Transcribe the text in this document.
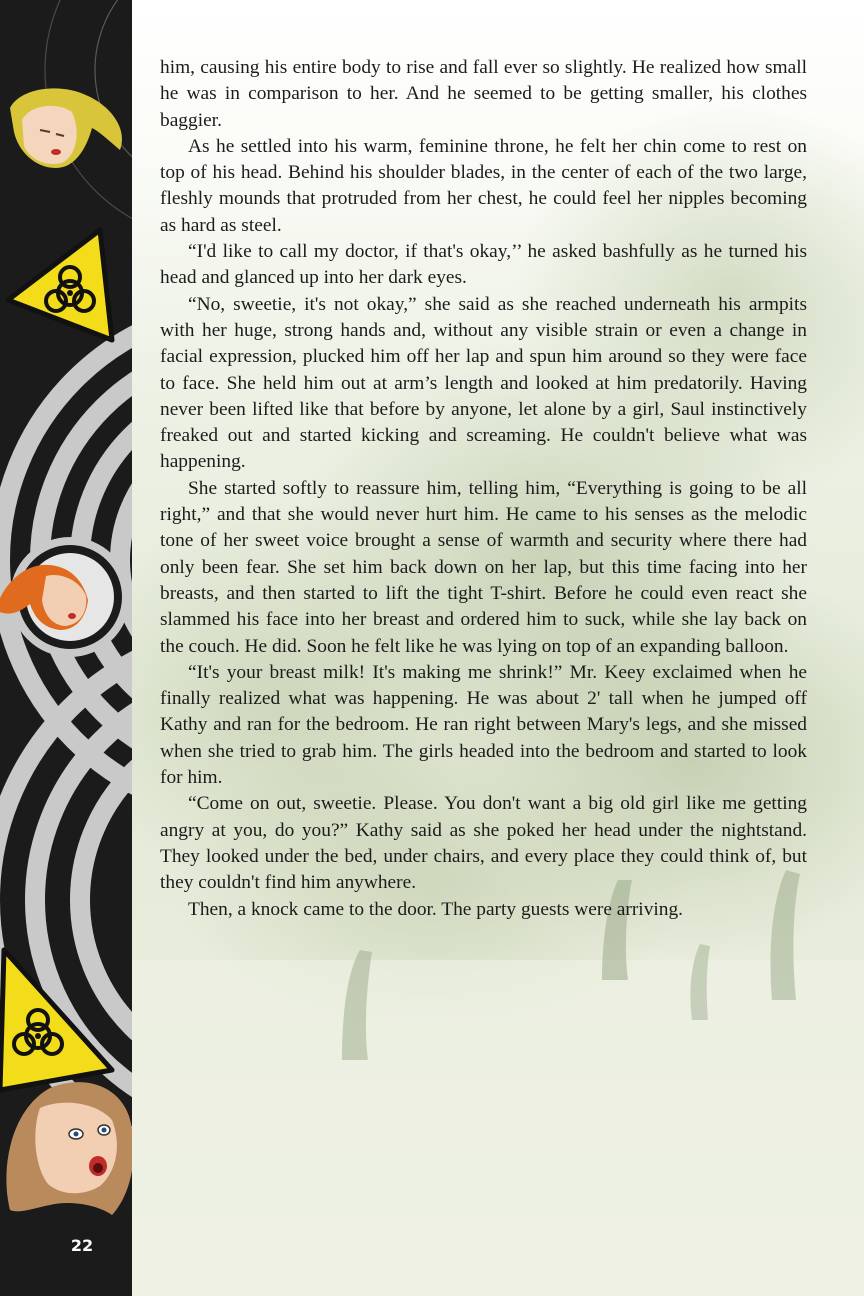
22

him, causing his entire body to rise and fall ever so slightly. He realized how small he was in comparison to her. And he seemed to be getting smaller, his clothes baggier.

As he settled into his warm, feminine throne, he felt her chin come to rest on top of his head. Behind his shoulder blades, in the center of each of the two large, fleshly mounds that protruded from her chest, he could feel her nipples becoming as hard as steel.

“I'd like to call my doctor, if that's okay,’’ he asked bashfully as he turned his head and glanced up into her dark eyes.

“No, sweetie, it's not okay,” she said as she reached underneath his armpits with her huge, strong hands and, without any visible strain or even a change in facial expression, plucked him off her lap and spun him around so they were face to face. She held him out at arm’s length and looked at him predatorily. Having never been lifted like that before by anyone, let alone by a girl, Saul instinctively freaked out and started kicking and screaming. He couldn't believe what was happening.

She started softly to reassure him, telling him, “Everything is going to be all right,” and that she would never hurt him. He came to his senses as the melodic tone of her sweet voice brought a sense of warmth and security where there had only been fear. She set him back down on her lap, but this time facing into her breasts, and then started to lift the tight T-shirt. Before he could even react she slammed his face into her breast and ordered him to suck, while she lay back on the couch. He did. Soon he felt like he was lying on top of an expanding balloon.

“It's your breast milk! It's making me shrink!” Mr. Keey exclaimed when he finally realized what was happening. He was about 2' tall when he jumped off Kathy and ran for the bedroom. He ran right between Mary's legs, and she missed when she tried to grab him. The girls headed into the bedroom and started to look for him.

“Come on out, sweetie. Please. You don't want a big old girl like me getting angry at you, do you?” Kathy said as she poked her head under the nightstand. They looked under the bed, under chairs, and every place they could think of, but they couldn't find him anywhere.

Then, a knock came to the door. The party guests were arriving.
